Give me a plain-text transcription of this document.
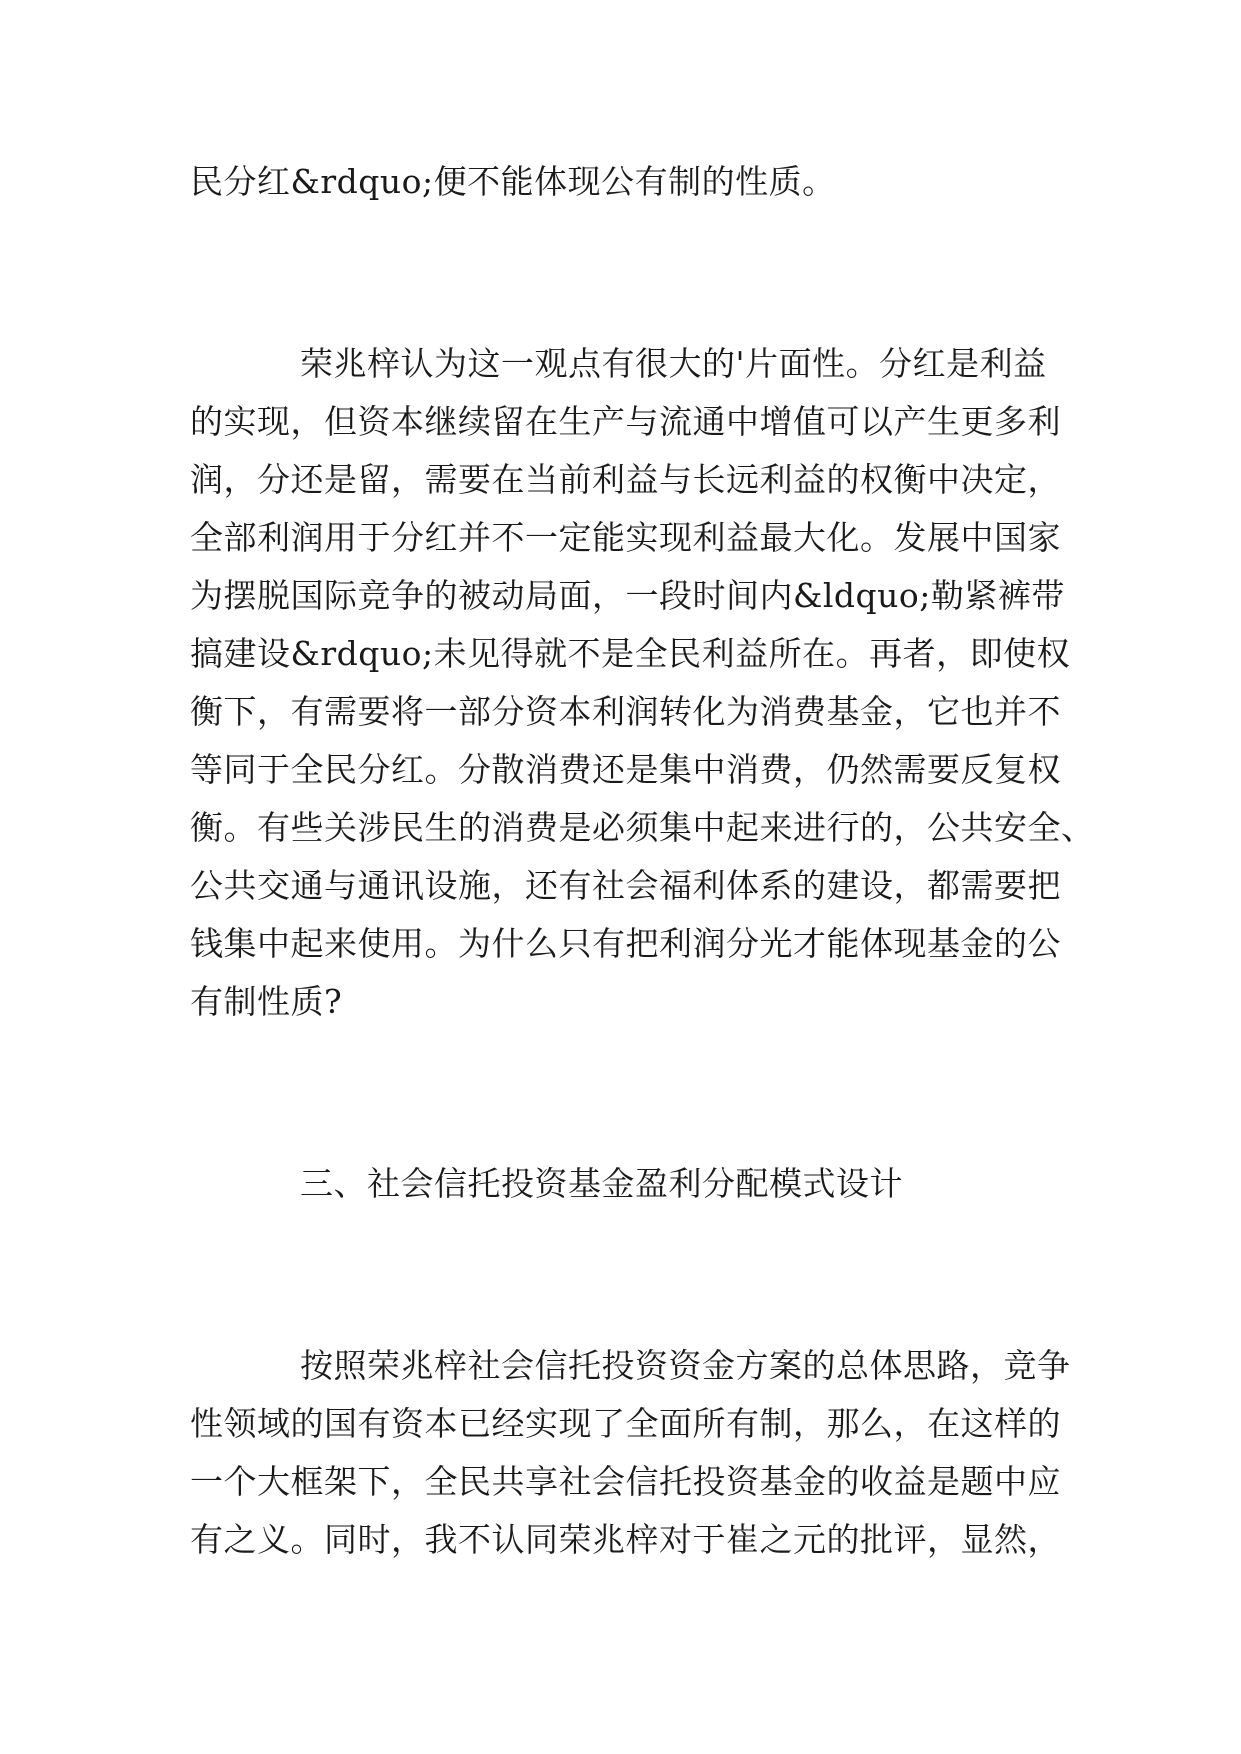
民分红&rdquo;便不能体现公有制的性质。
荣兆梓认为这一观点有很大的'片面性。分红是利益
的实现，但资本继续留在生产与流通中增值可以产生更多利
润，分还是留，需要在当前利益与长远利益的权衡中决定，
全部利润用于分红并不一定能实现利益最大化。发展中国家
为摆脱国际竞争的被动局面，一段时间内&ldquo;勒紧裤带
搞建设&rdquo;未见得就不是全民利益所在。再者，即使权
衡下，有需要将一部分资本利润转化为消费基金，它也并不
等同于全民分红。分散消费还是集中消费，仍然需要反复权
衡。有些关涉民生的消费是必须集中起来进行的，公共安全、
公共交通与通讯设施，还有社会福利体系的建设，都需要把
钱集中起来使用。为什么只有把利润分光才能体现基金的公
有制性质?
三、社会信托投资基金盈利分配模式设计
按照荣兆梓社会信托投资资金方案的总体思路，竞争
性领域的国有资本已经实现了全面所有制，那么，在这样的
一个大框架下，全民共享社会信托投资基金的收益是题中应
有之义。同时，我不认同荣兆梓对于崔之元的批评，显然，
